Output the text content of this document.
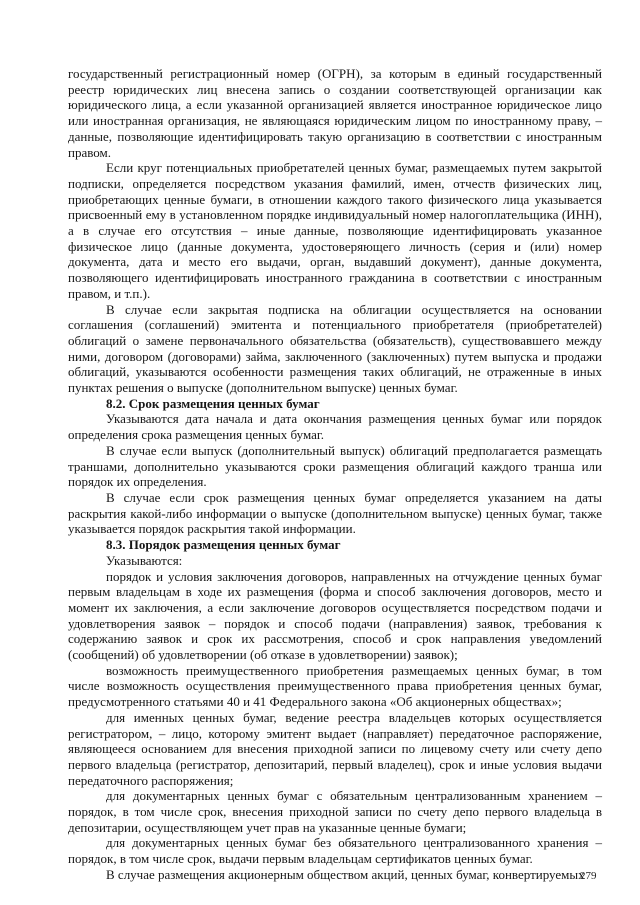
государственный регистрационный номер (ОГРН), за которым в единый государственный реестр юридических лиц внесена запись о создании соответствующей организации как юридического лица, а если указанной организацией является иностранное юридическое лицо или иностранная организация, не являющаяся юридическим лицом по иностранному праву, – данные, позволяющие идентифицировать такую организацию в соответствии с иностранным правом.

Если круг потенциальных приобретателей ценных бумаг, размещаемых путем закрытой подписки, определяется посредством указания фамилий, имен, отчеств физических лиц, приобретающих ценные бумаги, в отношении каждого такого физического лица указывается присвоенный ему в установленном порядке индивидуальный номер налогоплательщика (ИНН), а в случае его отсутствия – иные данные, позволяющие идентифицировать указанное физическое лицо (данные документа, удостоверяющего личность (серия и (или) номер документа, дата и место его выдачи, орган, выдавший документ), данные документа, позволяющего идентифицировать иностранного гражданина в соответствии с иностранным правом, и т.п.).

В случае если закрытая подписка на облигации осуществляется на основании соглашения (соглашений) эмитента и потенциального приобретателя (приобретателей) облигаций о замене первоначального обязательства (обязательств), существовавшего между ними, договором (договорами) займа, заключенного (заключенных) путем выпуска и продажи облигаций, указываются особенности размещения таких облигаций, не отраженные в иных пунктах решения о выпуске (дополнительном выпуске) ценных бумаг.

8.2. Срок размещения ценных бумаг

Указываются дата начала и дата окончания размещения ценных бумаг или порядок определения срока размещения ценных бумаг.

В случае если выпуск (дополнительный выпуск) облигаций предполагается размещать траншами, дополнительно указываются сроки размещения облигаций каждого транша или порядок их определения.

В случае если срок размещения ценных бумаг определяется указанием на даты раскрытия какой-либо информации о выпуске (дополнительном выпуске) ценных бумаг, также указывается порядок раскрытия такой информации.

8.3. Порядок размещения ценных бумаг

Указываются:

порядок и условия заключения договоров, направленных на отчуждение ценных бумаг первым владельцам в ходе их размещения (форма и способ заключения договоров, место и момент их заключения, а если заключение договоров осуществляется посредством подачи и удовлетворения заявок – порядок и способ подачи (направления) заявок, требования к содержанию заявок и срок их рассмотрения, способ и срок направления уведомлений (сообщений) об удовлетворении (об отказе в удовлетворении) заявок);

возможность преимущественного приобретения размещаемых ценных бумаг, в том числе возможность осуществления преимущественного права приобретения ценных бумаг, предусмотренного статьями 40 и 41 Федерального закона «Об акционерных обществах»;

для именных ценных бумаг, ведение реестра владельцев которых осуществляется регистратором, – лицо, которому эмитент выдает (направляет) передаточное распоряжение, являющееся основанием для внесения приходной записи по лицевому счету или счету депо первого владельца (регистратор, депозитарий, первый владелец), срок и иные условия выдачи передаточного распоряжения;

для документарных ценных бумаг с обязательным централизованным хранением – порядок, в том числе срок, внесения приходной записи по счету депо первого владельца в депозитарии, осуществляющем учет прав на указанные ценные бумаги;

для документарных ценных бумаг без обязательного централизованного хранения – порядок, в том числе срок, выдачи первым владельцам сертификатов ценных бумаг.

В случае размещения акционерным обществом акций, ценных бумаг, конвертируемых

279
